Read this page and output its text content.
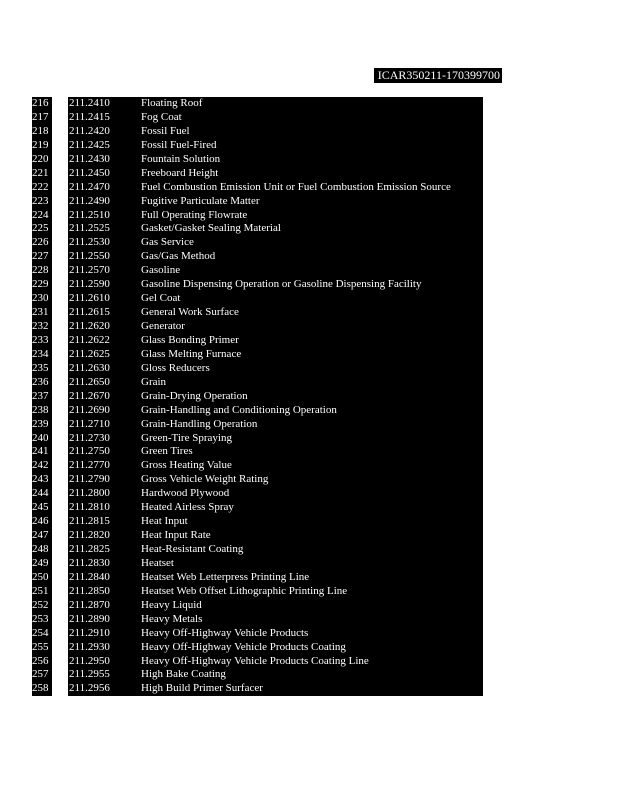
ICAR350211-170399700
216	211.2410	Floating Roof
217	211.2415	Fog Coat
218	211.2420	Fossil Fuel
219	211.2425	Fossil Fuel-Fired
220	211.2430	Fountain Solution
221	211.2450	Freeboard Height
222	211.2470	Fuel Combustion Emission Unit or Fuel Combustion Emission Source
223	211.2490	Fugitive Particulate Matter
224	211.2510	Full Operating Flowrate
225	211.2525	Gasket/Gasket Sealing Material
226	211.2530	Gas Service
227	211.2550	Gas/Gas Method
228	211.2570	Gasoline
229	211.2590	Gasoline Dispensing Operation or Gasoline Dispensing Facility
230	211.2610	Gel Coat
231	211.2615	General Work Surface
232	211.2620	Generator
233	211.2622	Glass Bonding Primer
234	211.2625	Glass Melting Furnace
235	211.2630	Gloss Reducers
236	211.2650	Grain
237	211.2670	Grain-Drying Operation
238	211.2690	Grain-Handling and Conditioning Operation
239	211.2710	Grain-Handling Operation
240	211.2730	Green-Tire Spraying
241	211.2750	Green Tires
242	211.2770	Gross Heating Value
243	211.2790	Gross Vehicle Weight Rating
244	211.2800	Hardwood Plywood
245	211.2810	Heated Airless Spray
246	211.2815	Heat Input
247	211.2820	Heat Input Rate
248	211.2825	Heat-Resistant Coating
249	211.2830	Heatset
250	211.2840	Heatset Web Letterpress Printing Line
251	211.2850	Heatset Web Offset Lithographic Printing Line
252	211.2870	Heavy Liquid
253	211.2890	Heavy Metals
254	211.2910	Heavy Off-Highway Vehicle Products
255	211.2930	Heavy Off-Highway Vehicle Products Coating
256	211.2950	Heavy Off-Highway Vehicle Products Coating Line
257	211.2955	High Bake Coating
258	211.2956	High Build Primer Surfacer
